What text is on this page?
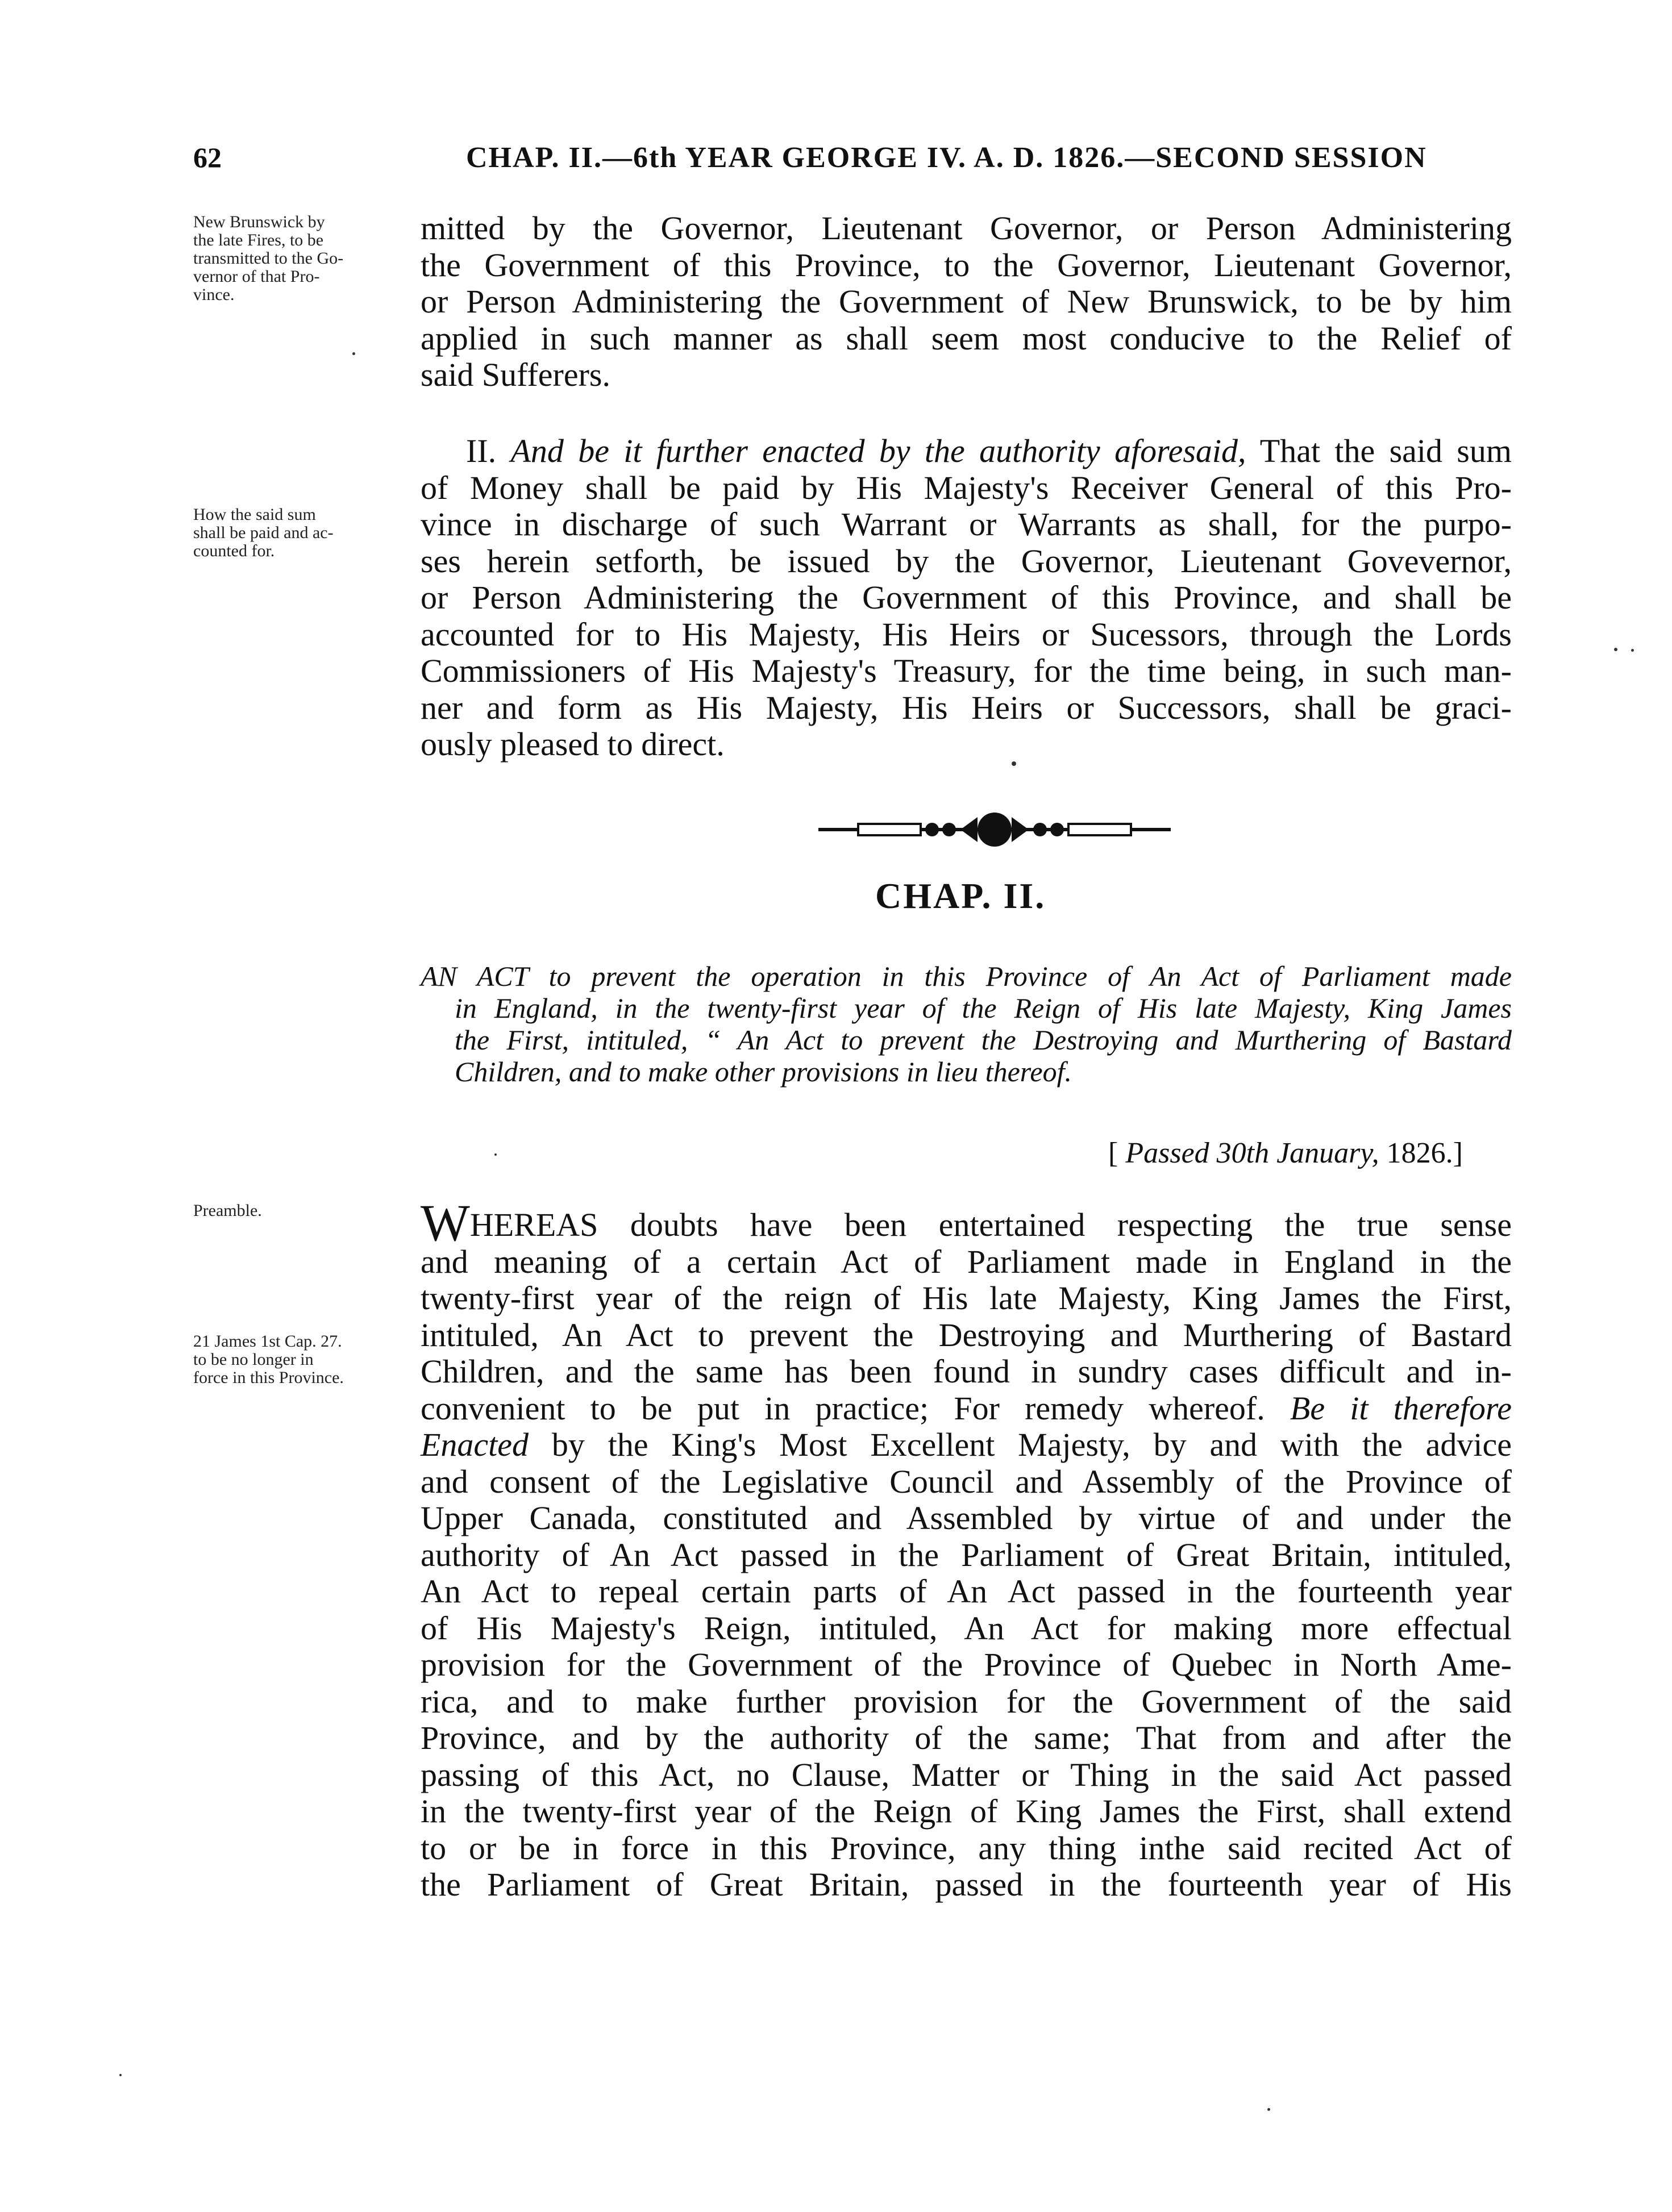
62	CHAP. II.—6th YEAR GEORGE IV. A. D. 1826.—SECOND SESSION
New Brunswick by
the late Fires, to be
transmitted to the Go-
vernor of that Pro-
vince.

mitted by the Governor, Lieutenant Governor, or Person Administering
the Government of this Province, to the Governor, Lieutenant Governor,
or Person Administering the Government of New Brunswick, to be by him
applied in such manner as shall seem most conducive to the Relief of
said Sufferers.

How the said sum
shall be paid and ac-
counted for.

II. And be it further enacted by the authority aforesaid, That the said sum
of Money shall be paid by His Majesty's Receiver General of this Pro-
vince in discharge of such Warrant or Warrants as shall, for the purpo-
ses herein setforth, be issued by the Governor, Lieutenant Govevernor,
or Person Administering the Government of this Province, and shall be
accounted for to His Majesty, His Heirs or Sucessors, through the Lords
Commissioners of His Majesty's Treasury, for the time being, in such man-
ner and form as His Majesty, His Heirs or Successors, shall be graci-
ously pleased to direct.

CHAP. II.
AN ACT to prevent the operation in this Province of An Act of Parliament made
in England, in the twenty-first year of the Reign of His late Majesty, King James
the First, intituled, “ An Act to prevent the Destroying and Murthering of Bastard
Children, and to make other provisions in lieu thereof.
[ Passed 30th January, 1826.]
Preamble.
21 James 1st Cap. 27.
to be no longer in
force in this Province.

WHEREAS doubts have been entertained respecting the true sense
and meaning of a certain Act of Parliament made in England in the
twenty-first year of the reign of His late Majesty, King James the First,
intituled, An Act to prevent the Destroying and Murthering of Bastard
Children, and the same has been found in sundry cases difficult and in-
convenient to be put in practice; For remedy whereof. Be it therefore
Enacted by the King's Most Excellent Majesty, by and with the advice
and consent of the Legislative Council and Assembly of the Province of
Upper Canada, constituted and Assembled by virtue of and under the
authority of An Act passed in the Parliament of Great Britain, intituled,
An Act to repeal certain parts of An Act passed in the fourteenth year
of His Majesty's Reign, intituled, An Act for making more effectual
provision for the Government of the Province of Quebec in North Ame-
rica, and to make further provision for the Government of the said
Province, and by the authority of the same; That from and after the
passing of this Act, no Clause, Matter or Thing in the said Act passed
in the twenty-first year of the Reign of King James the First, shall extend
to or be in force in this Province, any thing inthe said recited Act of
the Parliament of Great Britain, passed in the fourteenth year of His
